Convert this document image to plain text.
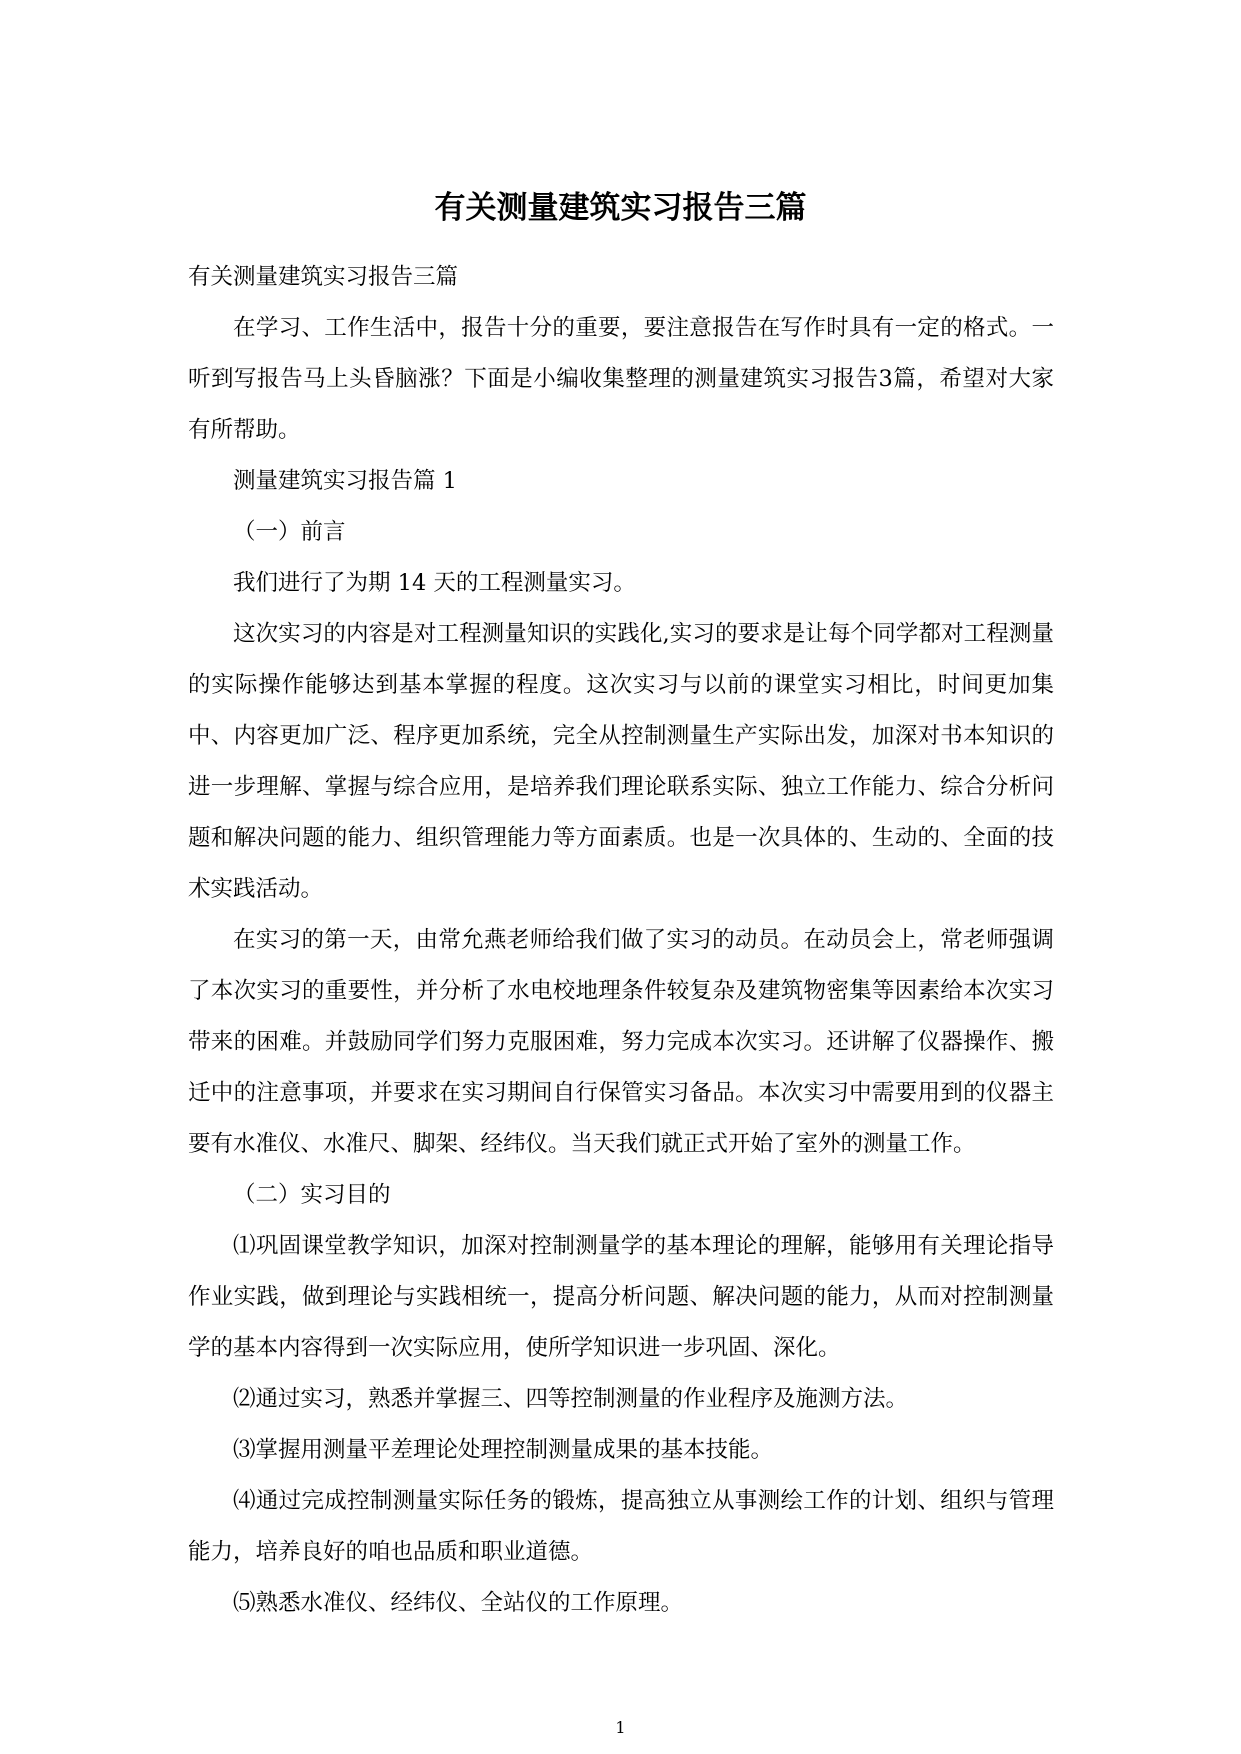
有关测量建筑实习报告三篇

有关测量建筑实习报告三篇

在学习、工作生活中，报告十分的重要，要注意报告在写作时具有一定的格式。一听到写报告马上头昏脑涨？下面是小编收集整理的测量建筑实习报告3篇，希望对大家有所帮助。

测量建筑实习报告篇 1

（一）前言

我们进行了为期 14 天的工程测量实习。

这次实习的内容是对工程测量知识的实践化,实习的要求是让每个同学都对工程测量的实际操作能够达到基本掌握的程度。这次实习与以前的课堂实习相比，时间更加集中、内容更加广泛、程序更加系统，完全从控制测量生产实际出发，加深对书本知识的进一步理解、掌握与综合应用，是培养我们理论联系实际、独立工作能力、综合分析问题和解决问题的能力、组织管理能力等方面素质。也是一次具体的、生动的、全面的技术实践活动。

在实习的第一天，由常允燕老师给我们做了实习的动员。在动员会上，常老师强调了本次实习的重要性，并分析了水电校地理条件较复杂及建筑物密集等因素给本次实习带来的困难。并鼓励同学们努力克服困难，努力完成本次实习。还讲解了仪器操作、搬迁中的注意事项，并要求在实习期间自行保管实习备品。本次实习中需要用到的仪器主要有水准仪、水准尺、脚架、经纬仪。当天我们就正式开始了室外的测量工作。

（二）实习目的

⑴巩固课堂教学知识，加深对控制测量学的基本理论的理解，能够用有关理论指导作业实践，做到理论与实践相统一，提高分析问题、解决问题的能力，从而对控制测量学的基本内容得到一次实际应用，使所学知识进一步巩固、深化。

⑵通过实习，熟悉并掌握三、四等控制测量的作业程序及施测方法。

⑶掌握用测量平差理论处理控制测量成果的基本技能。

⑷通过完成控制测量实际任务的锻炼，提高独立从事测绘工作的计划、组织与管理能力，培养良好的咱也品质和职业道德。

⑸熟悉水准仪、经纬仪、全站仪的工作原理。

1
